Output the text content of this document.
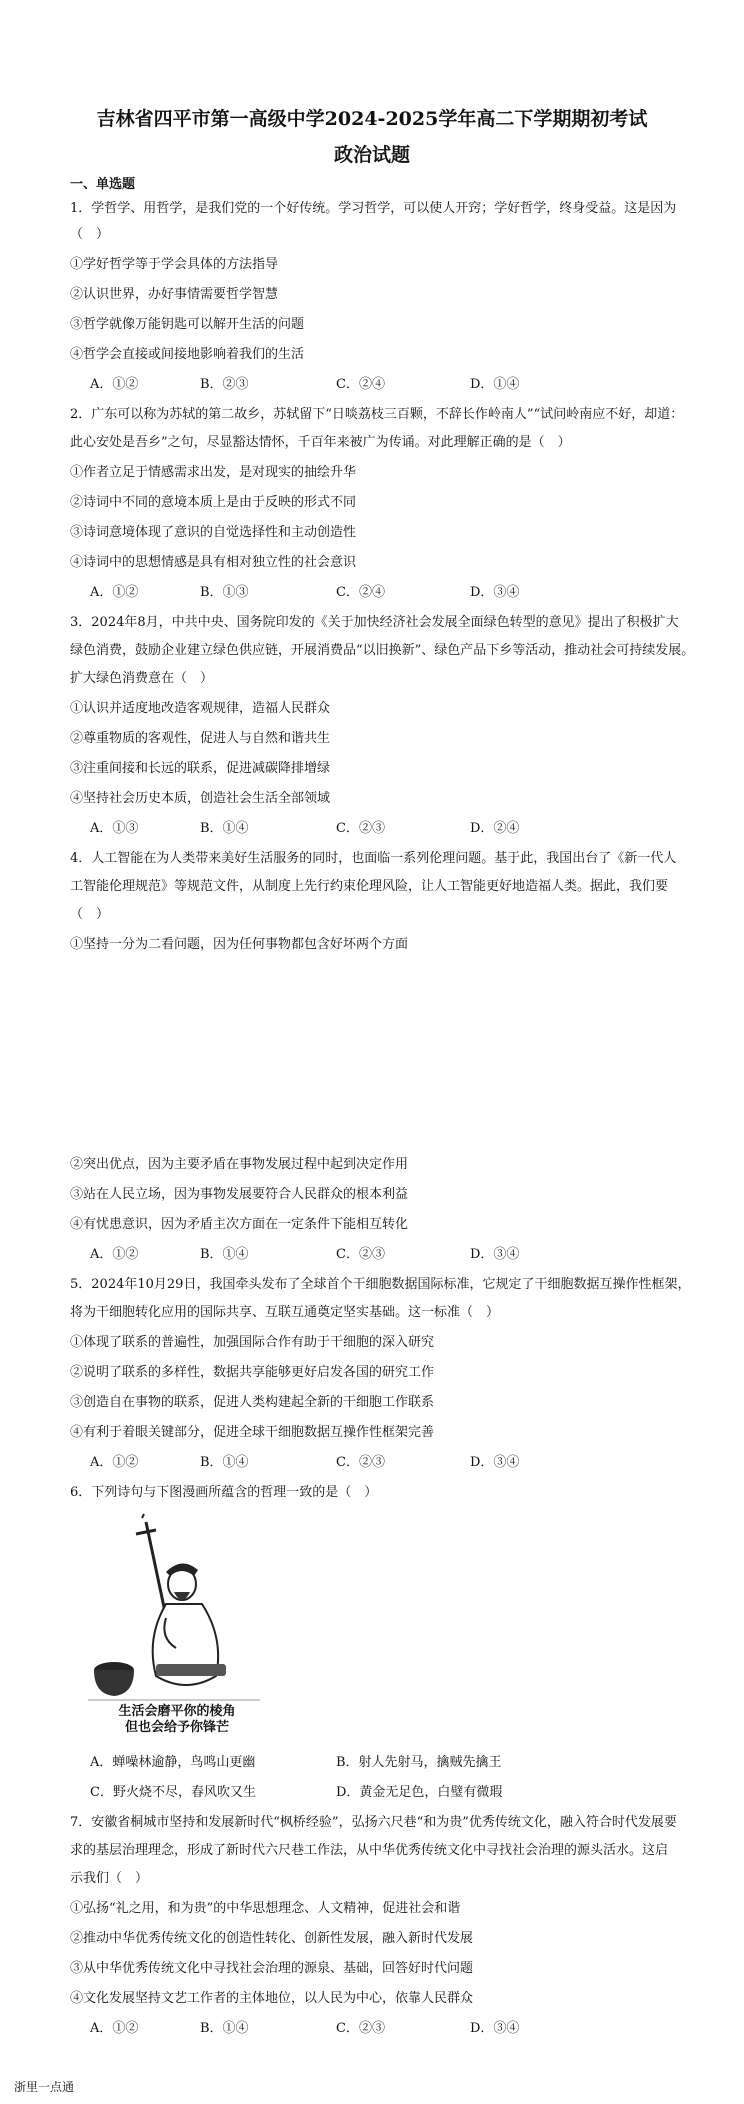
吉林省四平市第一高级中学2024-2025学年高二下学期期初考试
政治试题
一、单选题
1．学哲学、用哲学，是我们党的一个好传统。学习哲学，可以使人开窍；学好哲学，终身受益。这是因为
（　）
①学好哲学等于学会具体的方法指导
②认识世界，办好事情需要哲学智慧
③哲学就像万能钥匙可以解开生活的问题
④哲学会直接或间接地影响着我们的生活
A．①②	B．②③	C．②④	D．①④
2．广东可以称为苏轼的第二故乡，苏轼留下“日啖荔枝三百颗，不辞长作岭南人”“试问岭南应不好，却道：
此心安处是吾乡”之句，尽显豁达情怀，千百年来被广为传诵。对此理解正确的是（　）
①作者立足于情感需求出发，是对现实的抽绘升华
②诗词中不同的意境本质上是由于反映的形式不同
③诗词意境体现了意识的自觉选择性和主动创造性
④诗词中的思想情感是具有相对独立性的社会意识
A．①②	B．①③	C．②④	D．③④
3．2024年8月，中共中央、国务院印发的《关于加快经济社会发展全面绿色转型的意见》提出了积极扩大
绿色消费，鼓励企业建立绿色供应链，开展消费品“以旧换新”、绿色产品下乡等活动，推动社会可持续发展。
扩大绿色消费意在（　）
①认识并适度地改造客观规律，造福人民群众
②尊重物质的客观性，促进人与自然和谐共生
③注重间接和长远的联系，促进减碳降排增绿
④坚持社会历史本质，创造社会生活全部领域
A．①③	B．①④	C．②③	D．②④
4．人工智能在为人类带来美好生活服务的同时，也面临一系列伦理问题。基于此，我国出台了《新一代人
工智能伦理规范》等规范文件，从制度上先行约束伦理风险，让人工智能更好地造福人类。据此，我们要
（　）
①坚持一分为二看问题，因为任何事物都包含好坏两个方面
②突出优点，因为主要矛盾在事物发展过程中起到决定作用
③站在人民立场，因为事物发展要符合人民群众的根本利益
④有忧患意识，因为矛盾主次方面在一定条件下能相互转化
A．①②	B．①④	C．②③	D．③④
5．2024年10月29日，我国牵头发布了全球首个干细胞数据国际标准，它规定了干细胞数据互操作性框架，
将为干细胞转化应用的国际共享、互联互通奠定坚实基础。这一标准（　）
①体现了联系的普遍性，加强国际合作有助于干细胞的深入研究
②说明了联系的多样性，数据共享能够更好启发各国的研究工作
③创造自在事物的联系，促进人类构建起全新的干细胞工作联系
④有利于着眼关键部分，促进全球干细胞数据互操作性框架完善
A．①②	B．①④	C．②③	D．③④
6．下列诗句与下图漫画所蕴含的哲理一致的是（　）
生活会磨平你的棱角
但也会给予你锋芒
A．蝉噪林逾静，鸟鸣山更幽	B．射人先射马，擒贼先擒王
C．野火烧不尽，春风吹又生	D．黄金无足色，白璧有微瑕
7．安徽省桐城市坚持和发展新时代“枫桥经验”，弘扬六尺巷“和为贵”优秀传统文化，融入符合时代发展要
求的基层治理理念，形成了新时代六尺巷工作法，从中华优秀传统文化中寻找社会治理的源头活水。这启
示我们（　）
①弘扬“礼之用，和为贵”的中华思想理念、人文精神，促进社会和谐
②推动中华优秀传统文化的创造性转化、创新性发展，融入新时代发展
③从中华优秀传统文化中寻找社会治理的源泉、基础，回答好时代问题
④文化发展坚持文艺工作者的主体地位，以人民为中心，依靠人民群众
A．①②	B．①④	C．②③	D．③④
浙里一点通
